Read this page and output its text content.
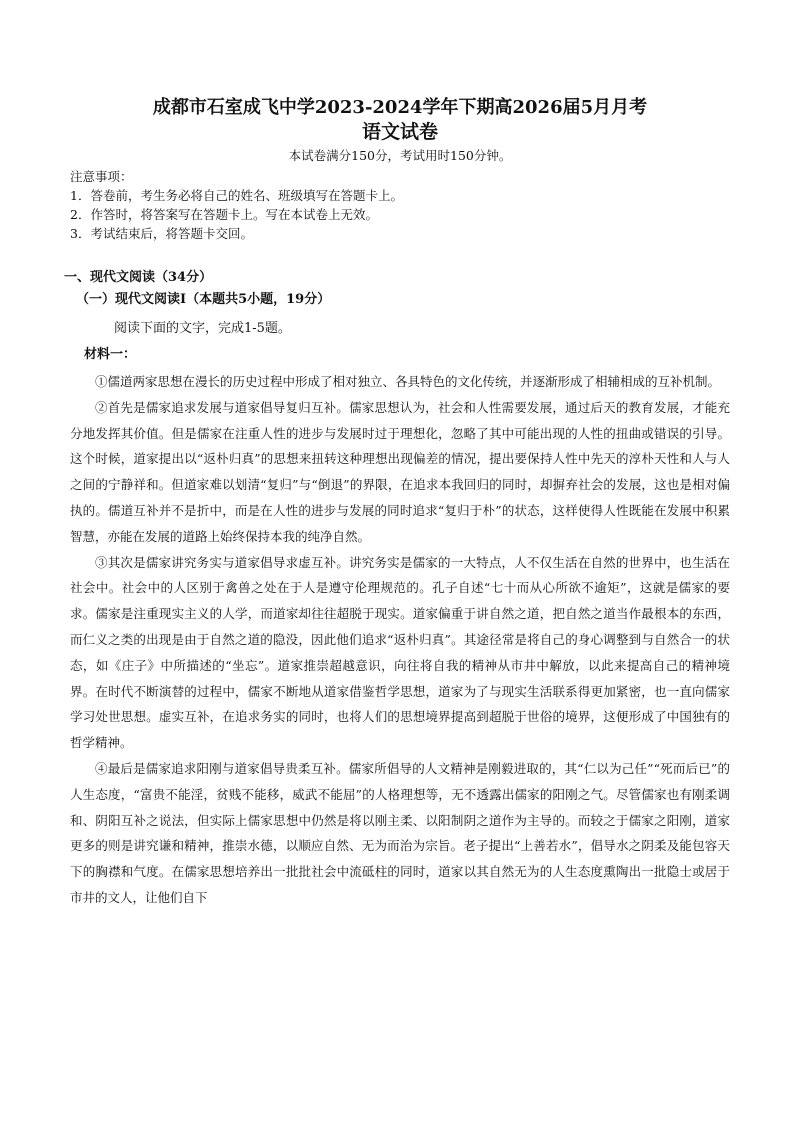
成都市石室成飞中学2023-2024学年下期高2026届5月月考
语文试卷

本试卷满分150分，考试用时150分钟。

注意事项：

1．答卷前，考生务必将自己的姓名、班级填写在答题卡上。

2．作答时，将答案写在答题卡上。写在本试卷上无效。

3．考试结束后，将答题卡交回。

一、现代文阅读（34分）

（一）现代文阅读Ⅰ（本题共5小题，19分）

阅读下面的文字，完成1-5题。

材料一：

①儒道两家思想在漫长的历史过程中形成了相对独立、各具特色的文化传统，并逐渐形成了相辅相成的互补机制。

②首先是儒家追求发展与道家倡导复归互补。儒家思想认为，社会和人性需要发展，通过后天的教育发展，才能充分地发挥其价值。但是儒家在注重人性的进步与发展时过于理想化，忽略了其中可能出现的人性的扭曲或错误的引导。这个时候，道家提出以“返朴归真”的思想来扭转这种理想出现偏差的情况，提出要保持人性中先天的淳朴天性和人与人之间的宁静祥和。但道家难以划清“复归”与“倒退”的界限，在追求本我回归的同时，却摒弃社会的发展，这也是相对偏执的。儒道互补并不是折中，而是在人性的进步与发展的同时追求“复归于朴”的状态，这样使得人性既能在发展中积累智慧，亦能在发展的道路上始终保持本我的纯净自然。

③其次是儒家讲究务实与道家倡导求虚互补。讲究务实是儒家的一大特点，人不仅生活在自然的世界中，也生活在社会中。社会中的人区别于禽兽之处在于人是遵守伦理规范的。孔子自述“七十而从心所欲不逾矩”，这就是儒家的要求。儒家是注重现实主义的人学，而道家却往往超脱于现实。道家偏重于讲自然之道，把自然之道当作最根本的东西，而仁义之类的出现是由于自然之道的隐没，因此他们追求“返朴归真”。其途径常是将自己的身心调整到与自然合一的状态，如《庄子》中所描述的“坐忘”。道家推崇超越意识，向往将自我的精神从市井中解放，以此来提高自己的精神境界。在时代不断演替的过程中，儒家不断地从道家借鉴哲学思想，道家为了与现实生活联系得更加紧密，也一直向儒家学习处世思想。虚实互补，在追求务实的同时，也将人们的思想境界提高到超脱于世俗的境界，这便形成了中国独有的哲学精神。

④最后是儒家追求阳刚与道家倡导贵柔互补。儒家所倡导的人文精神是刚毅进取的，其“仁以为己任”“死而后已”的人生态度，“富贵不能淫，贫贱不能移，威武不能屈”的人格理想等，无不透露出儒家的阳刚之气。尽管儒家也有刚柔调和、阴阳互补之说法，但实际上儒家思想中仍然是将以刚主柔、以阳制阴之道作为主导的。而较之于儒家之阳刚，道家更多的则是讲究谦和精神，推崇水德，以顺应自然、无为而治为宗旨。老子提出“上善若水”，倡导水之阴柔及能包容天下的胸襟和气度。在儒家思想培养出一批批社会中流砥柱的同时，道家以其自然无为的人生态度熏陶出一批隐士或居于市井的文人，让他们自下
